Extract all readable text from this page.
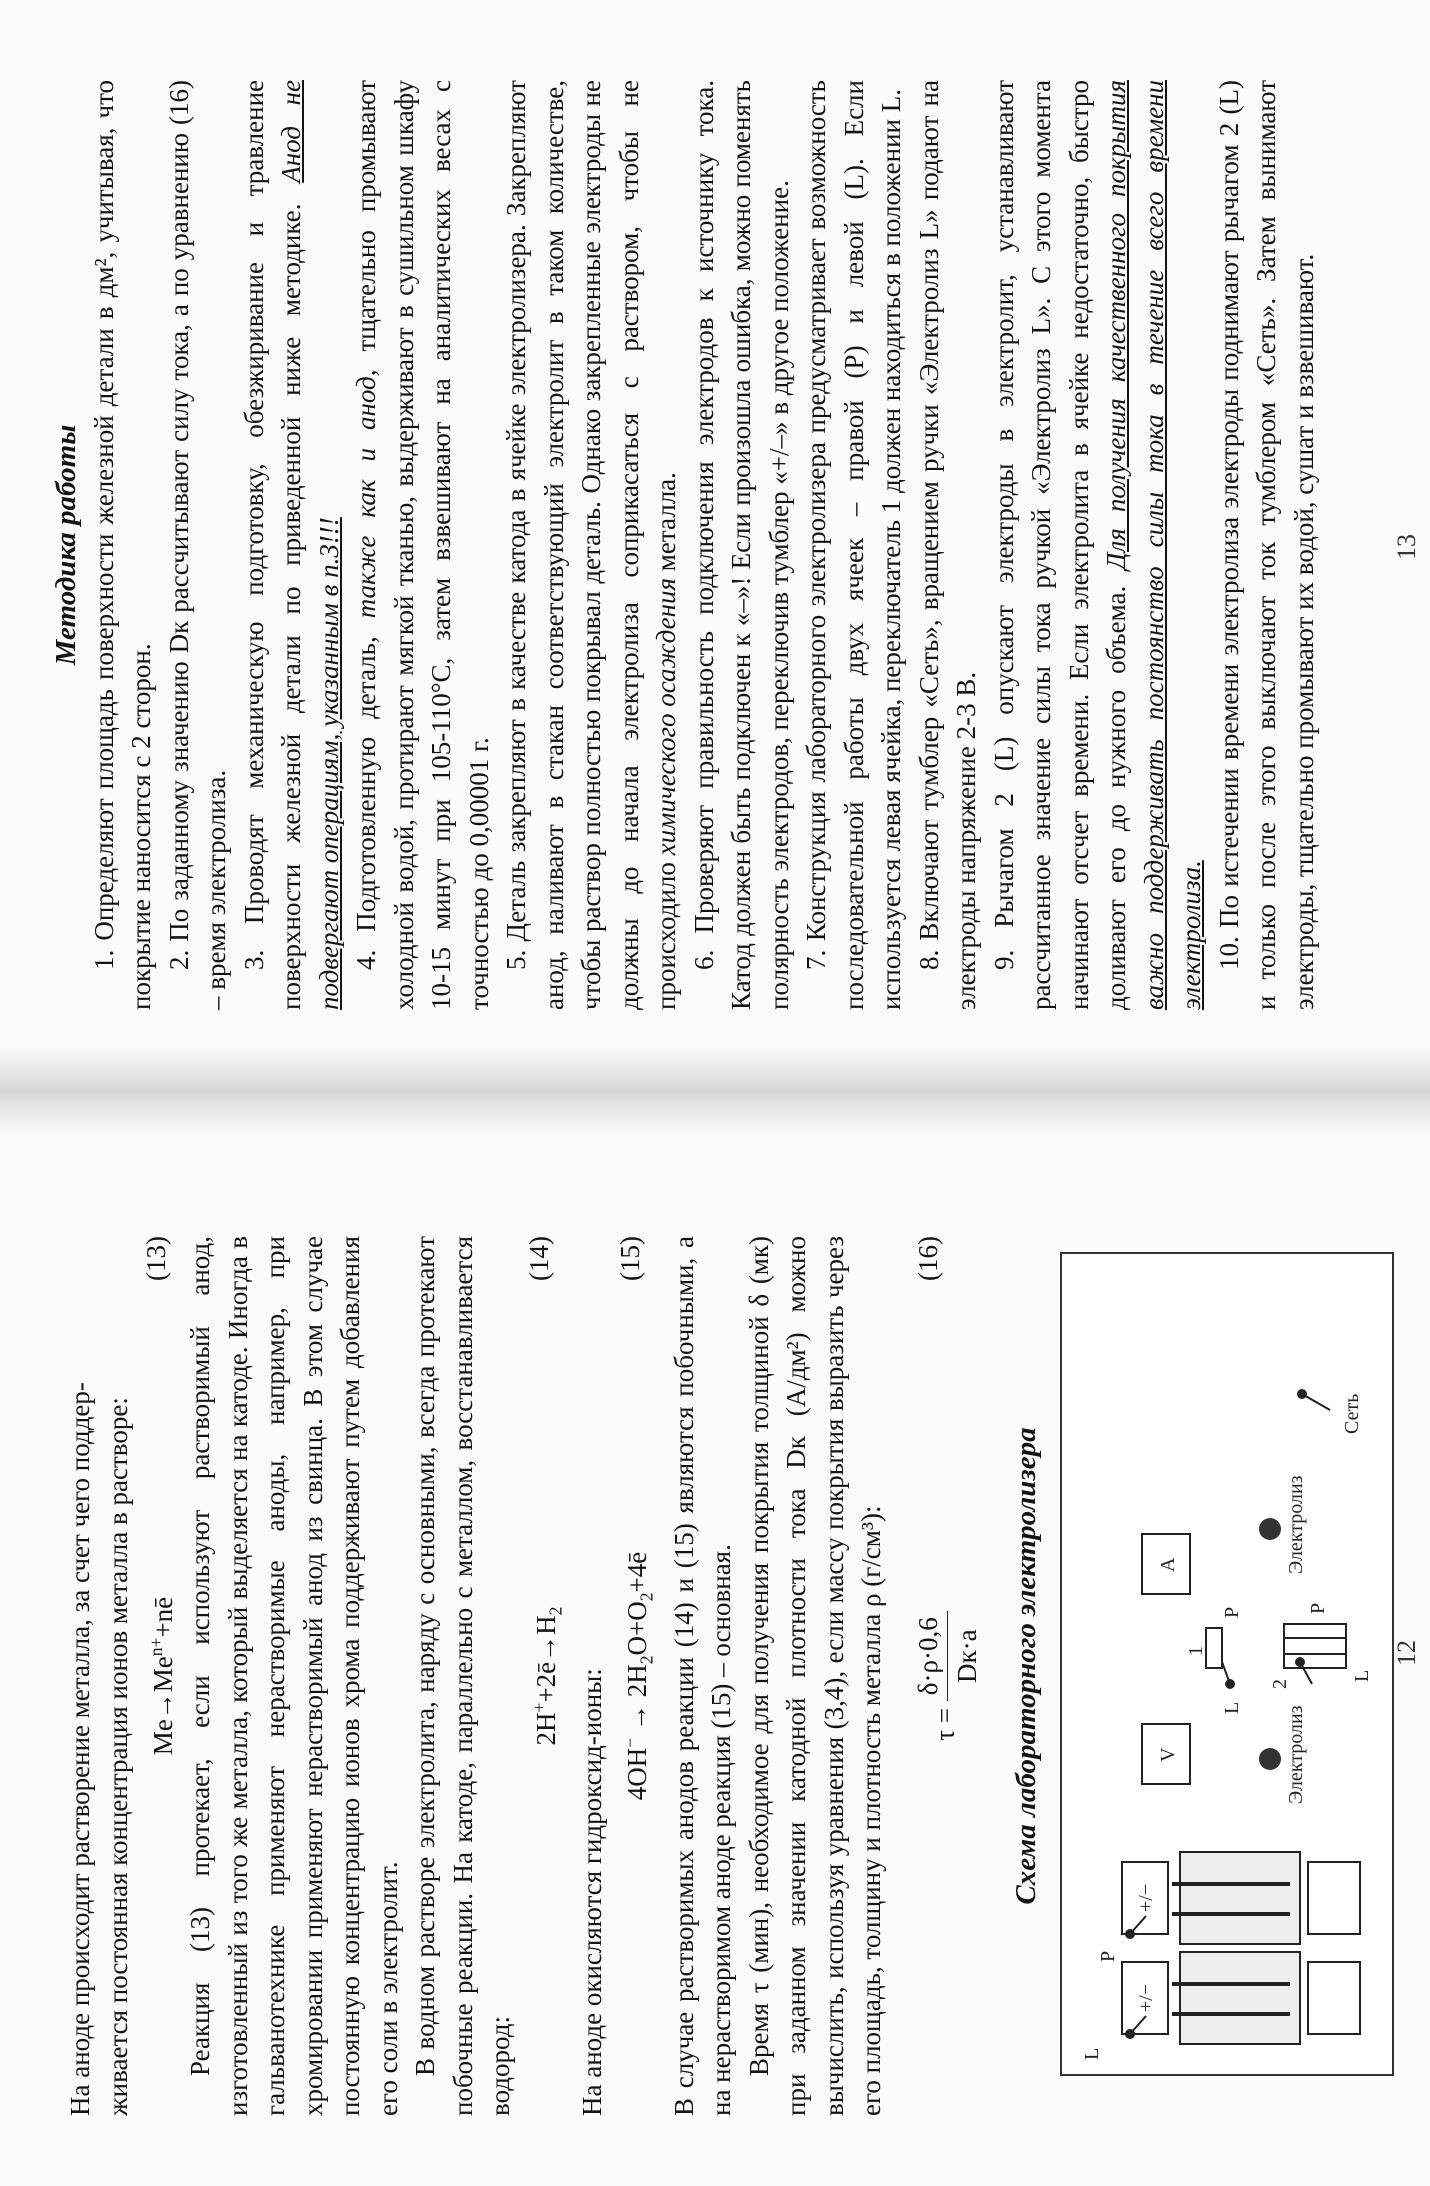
На аноде происходит растворение металла, за счет чего поддер- живается постоянная концентрация ионов металла в растворе: $Me\to Me^{n+}+nē$
(13) Реакция (13) протекает, если используют растворимый анод, изготовленный из того же металла, который выделяется на катоде. Иногда в гальванотехнике применяют нерастворимые аноды, например, при хромировании применяют нерастворимый анод из свинца. В этом случае постоянную концентрацию ионов хрома поддерживают путем добавления его соли в электролит. В водном растворе электролита, наряду с основными, всегда протекают побочные реакции. На катоде, параллельно с металлом, восстанавливается водород:

$2H^++2ē\to H_2$
(14)

На аноде окисляются гидроксид-ионы: $4OH^- \to 2H_2O+O_2+4ē$
(15) В случае растворимых анодов реакции (14) и (15) являются побочными, а на нерастворимом аноде реакция (15) – основная. Время τ (мин), необходимое для получения покрытия толщиной δ (мк) при заданном значении катодной плотности тока Dк (А/дм²) можно вычислить, используя уравнения (3,4), если массу покрытия выразить через его площадь, толщину и плотность металла ρ (г/см³):	τ =
δ·ρ·0,6 Dк·a
(16)
Схема лабораторного электролизера
L
P
+/−
+/−
V
A
L
1
P
Электролиз
Электролиз
2
L
P
Сеть
12

Методика работы

1. Определяют площадь поверхности железной детали в дм², учитывая, что покрытие наносится с 2 сторон. 2. По заданному значению Dк рассчитывают силу тока, а по уравнению (16) – время электролиза. 3. Проводят механическую подготовку, обезжиривание и травление поверхности железной детали по приведенной ниже методике. Анод не подвергают операциям, указанным в п.3!!! 4. Подготовленную деталь, также как и анод, тщательно промывают холодной водой, протирают мягкой тканью, выдерживают в сушильном шкафу 10-15 минут при 105-110°С, затем взвешивают на аналитических весах с точностью до 0,00001 г. 5. Деталь закрепляют в качестве катода в ячейке электролизера. Закрепляют анод, наливают в стакан соответствующий электролит в таком количестве, чтобы раствор полностью покрывал деталь. Однако закрепленные электроды не должны до начала электролиза соприкасаться с раствором, чтобы не происходило химического осаждения металла.

6. Проверяют правильность подключения электродов к источнику тока. Катод должен быть подключен к «–»! Если произошла ошибка, можно поменять полярность электродов, переключив тумблер «+/–» в другое положение. 7. Конструкция лабораторного электролизера предусматривает возможность последовательной работы двух ячеек – правой (Р) и левой (L). Если используется левая ячейка, переключатель 1 должен находиться в положении L. 8. Включают тумблер «Сеть», вращением ручки «Электролиз L» подают на электроды напряжение 2-3 В. 9. Рычагом 2 (L) опускают электроды в электролит, устанавливают рассчитанное значение силы тока ручкой «Электролиз L». С этого момента начинают отсчет времени. Если электролита в ячейке недостаточно, быстро доливают его до нужного объема. Для получения качественного покрытия важно поддерживать постоянство силы тока в течение всего времени электролиза. 10. По истечении времени электролиза электроды поднимают рычагом 2 (L) и только после этого выключают ток тумблером «Сеть». Затем вынимают электроды, тщательно промывают их водой, сушат и взвешивают.	13
